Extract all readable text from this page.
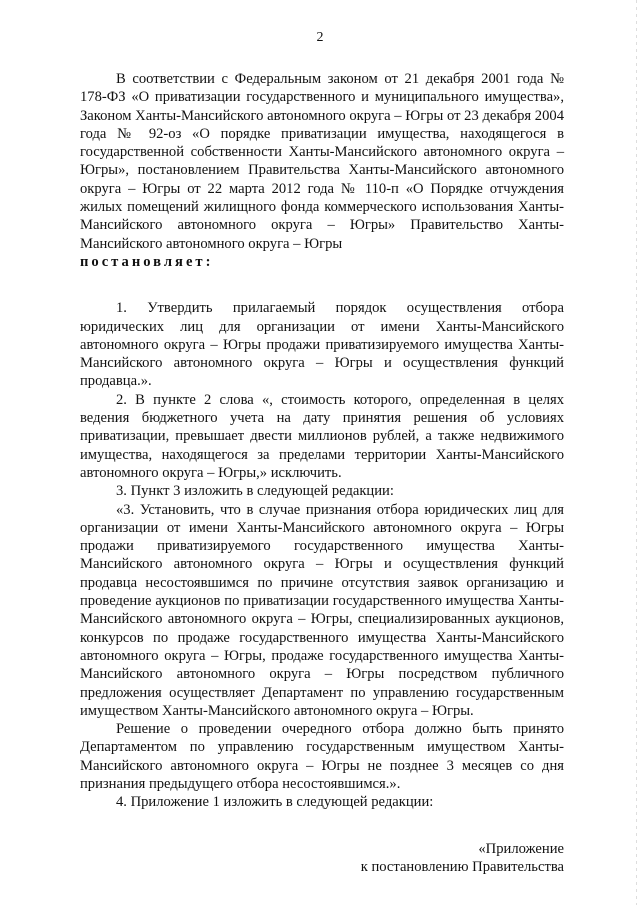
2

В соответствии с Федеральным законом от 21 декабря 2001 года № 178-ФЗ «О приватизации государственного и муниципального имущества», Законом Ханты-Мансийского автономного округа – Югры от 23 декабря 2004 года № 92-оз «О порядке приватизации имущества, находящегося в государственной собственности Ханты-Мансийского автономного округа – Югры», постановлением Правительства Ханты-Мансийского автономного округа – Югры от 22 марта 2012 года № 110-п «О Порядке отчуждения жилых помещений жилищного фонда коммерческого использования Ханты-Мансийского автономного округа – Югры» Правительство Ханты-Мансийского автономного округа – Югры

постановляет:

1. Утвердить прилагаемый порядок осуществления отбора юридических лиц для организации от имени Ханты-Мансийского автономного округа – Югры продажи приватизируемого имущества Ханты-Мансийского автономного округа – Югры и осуществления функций продавца.».

2. В пункте 2 слова «, стоимость которого, определенная в целях ведения бюджетного учета на дату принятия решения об условиях приватизации, превышает двести миллионов рублей, а также недвижимого имущества, находящегося за пределами территории Ханты-Мансийского автономного округа – Югры,» исключить.

3. Пункт 3 изложить в следующей редакции:

«3. Установить, что в случае признания отбора юридических лиц для организации от имени Ханты-Мансийского автономного округа – Югры продажи приватизируемого государственного имущества Ханты-Мансийского автономного округа – Югры и осуществления функций продавца несостоявшимся по причине отсутствия заявок организацию и проведение аукционов по приватизации государственного имущества Ханты-Мансийского автономного округа – Югры, специализированных аукционов, конкурсов по продаже государственного имущества Ханты-Мансийского автономного округа – Югры, продаже государственного имущества Ханты-Мансийского автономного округа – Югры посредством публичного предложения осуществляет Департамент по управлению государственным имуществом Ханты-Мансийского автономного округа – Югры.

Решение о проведении очередного отбора должно быть принято Департаментом по управлению государственным имуществом Ханты-Мансийского автономного округа – Югры не позднее 3 месяцев со дня признания предыдущего отбора несостоявшимся.».

4. Приложение 1 изложить в следующей редакции:

«Приложение
к постановлению Правительства
